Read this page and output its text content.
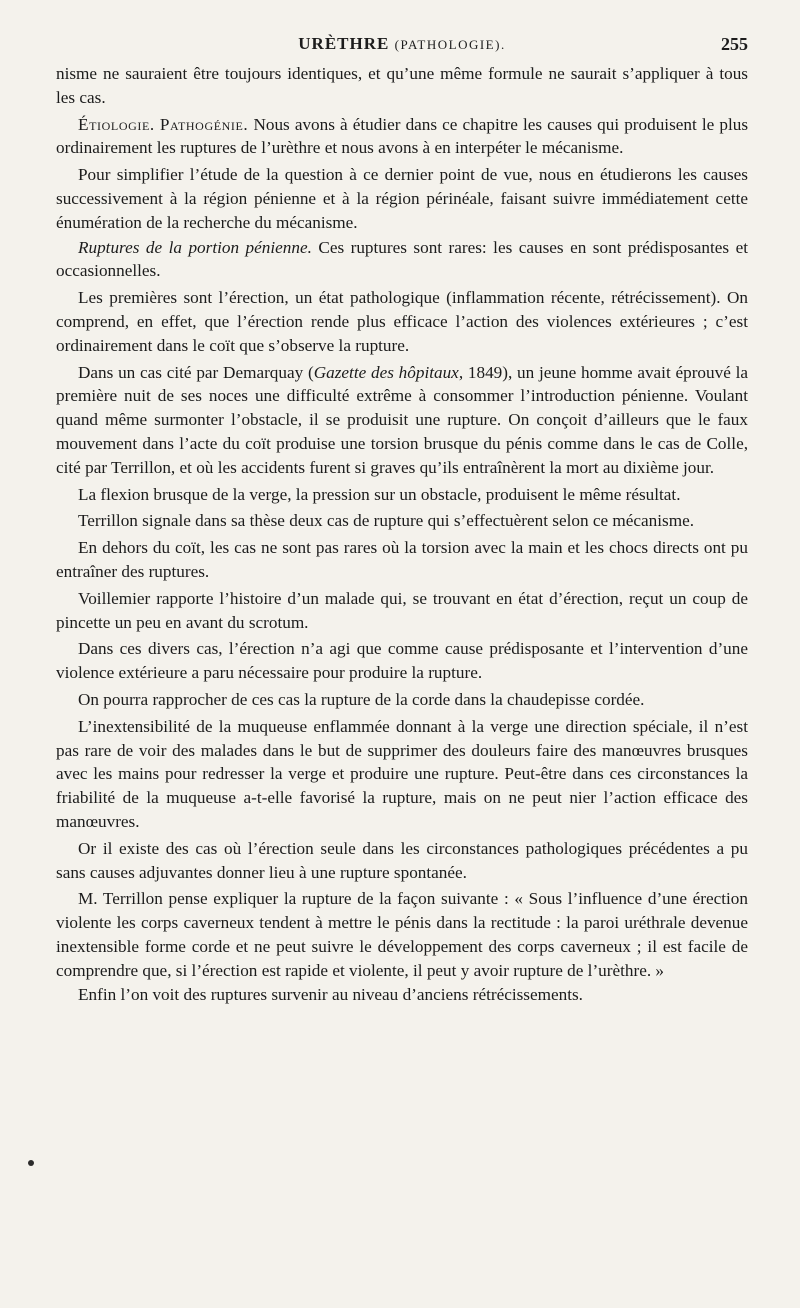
URÈTHRE (PATHOLOGIE).	255

nisme ne sauraient être toujours identiques, et qu’une même formule ne saurait s’appliquer à tous les cas.

Étiologie. Pathogénie. Nous avons à étudier dans ce chapitre les causes qui produisent le plus ordinairement les ruptures de l’urèthre et nous avons à en interpéter le mécanisme.

Pour simplifier l’étude de la question à ce dernier point de vue, nous en étudierons les causes successivement à la région pénienne et à la région périnéale, faisant suivre immédiatement cette énumération de la recherche du mécanisme.

Ruptures de la portion pénienne. Ces ruptures sont rares: les causes en sont prédisposantes et occasionnelles.

Les premières sont l’érection, un état pathologique (inflammation récente, rétrécissement). On comprend, en effet, que l’érection rende plus efficace l’action des violences extérieures ; c’est ordinairement dans le coït que s’observe la rupture.

Dans un cas cité par Demarquay (Gazette des hôpitaux, 1849), un jeune homme avait éprouvé la première nuit de ses noces une difficulté extrême à consommer l’introduction pénienne. Voulant quand même surmonter l’obstacle, il se produisit une rupture. On conçoit d’ailleurs que le faux mouvement dans l’acte du coït produise une torsion brusque du pénis comme dans le cas de Colle, cité par Terrillon, et où les accidents furent si graves qu’ils entraînèrent la mort au dixième jour.

La flexion brusque de la verge, la pression sur un obstacle, produisent le même résultat.

Terrillon signale dans sa thèse deux cas de rupture qui s’effectuèrent selon ce mécanisme.

En dehors du coït, les cas ne sont pas rares où la torsion avec la main et les chocs directs ont pu entraîner des ruptures.

Voillemier rapporte l’histoire d’un malade qui, se trouvant en état d’érection, reçut un coup de pincette un peu en avant du scrotum.

Dans ces divers cas, l’érection n’a agi que comme cause prédisposante et l’intervention d’une violence extérieure a paru nécessaire pour produire la rupture.

On pourra rapprocher de ces cas la rupture de la corde dans la chaudepisse cordée.

L’inextensibilité de la muqueuse enflammée donnant à la verge une direction spéciale, il n’est pas rare de voir des malades dans le but de supprimer des douleurs faire des manœuvres brusques avec les mains pour redresser la verge et produire une rupture. Peut-être dans ces circonstances la friabilité de la muqueuse a-t-elle favorisé la rupture, mais on ne peut nier l’action efficace des manœuvres.

Or il existe des cas où l’érection seule dans les circonstances pathologiques précédentes a pu sans causes adjuvantes donner lieu à une rupture spontanée.

M. Terrillon pense expliquer la rupture de la façon suivante : « Sous l’influence d’une érection violente les corps caverneux tendent à mettre le pénis dans la rectitude : la paroi uréthrale devenue inextensible forme corde et ne peut suivre le développement des corps caverneux ; il est facile de comprendre que, si l’érection est rapide et violente, il peut y avoir rupture de l’urèthre. »

Enfin l’on voit des ruptures survenir au niveau d’anciens rétrécissements.
